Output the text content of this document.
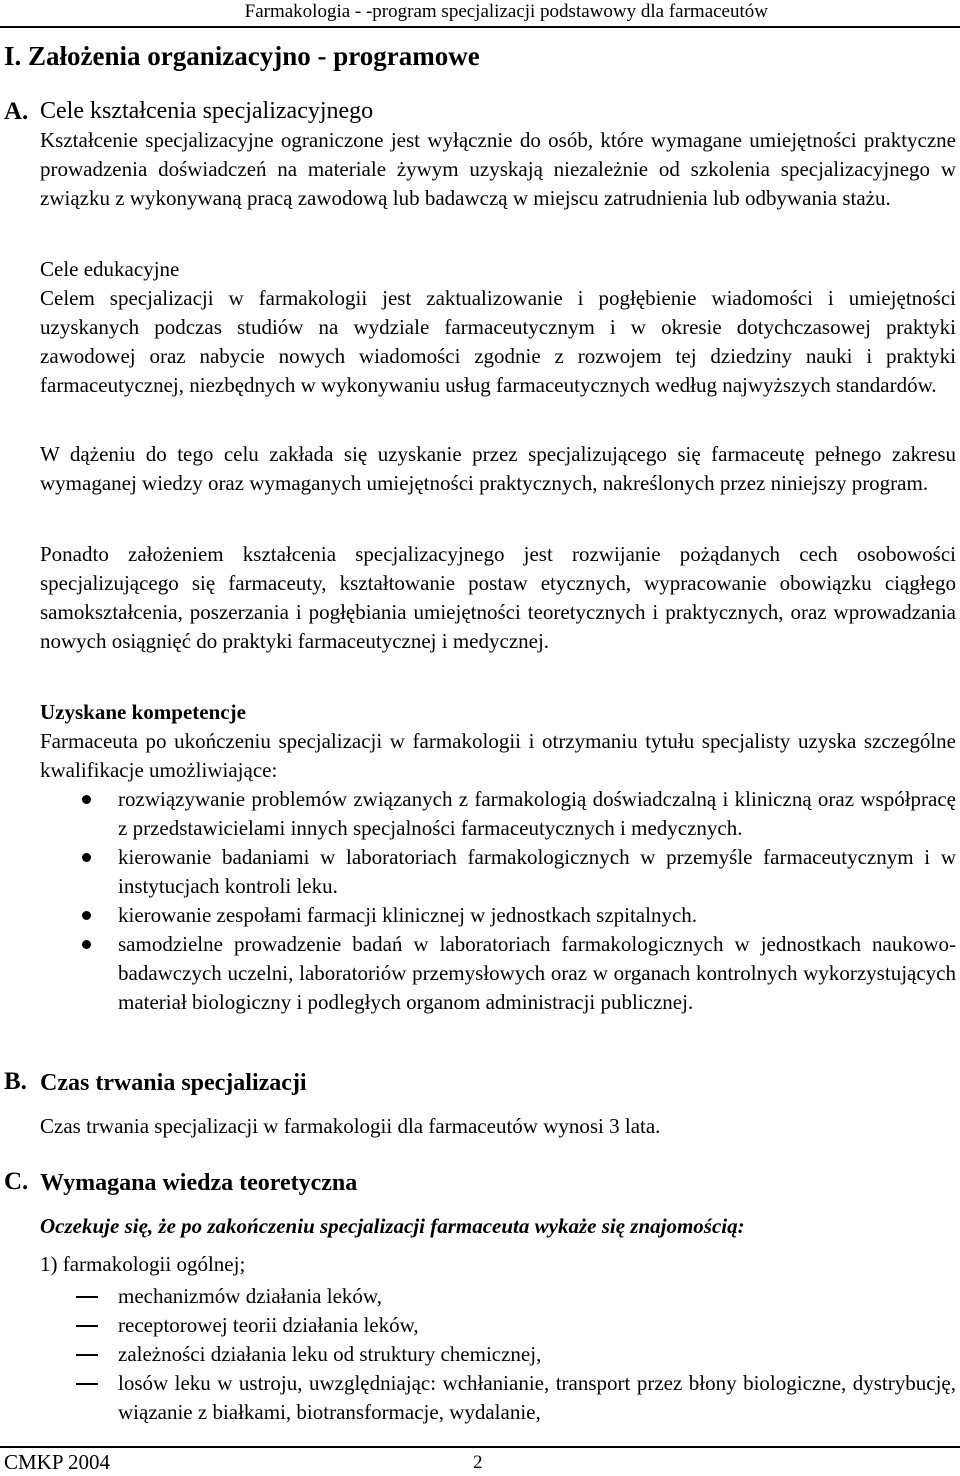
Farmakologia - -program specjalizacji podstawowy dla farmaceutów
I. Założenia organizacyjno - programowe
A. Cele kształcenia specjalizacyjnego

Kształcenie specjalizacyjne ograniczone jest wyłącznie do osób, które wymagane umiejętności praktyczne prowadzenia doświadczeń na materiale żywym uzyskają niezależnie od szkolenia specjalizacyjnego w związku z wykonywaną pracą zawodową lub badawczą w miejscu zatrudnienia lub odbywania stażu.

Cele edukacyjne

Celem specjalizacji w farmakologii jest zaktualizowanie i pogłębienie wiadomości i umiejętności uzyskanych podczas studiów na wydziale farmaceutycznym i w okresie dotychczasowej praktyki zawodowej oraz nabycie nowych wiadomości zgodnie z rozwojem tej dziedziny nauki i praktyki farmaceutycznej, niezbędnych w wykonywaniu usług farmaceutycznych według najwyższych standardów.

W dążeniu do tego celu zakłada się uzyskanie przez specjalizującego się farmaceutę pełnego zakresu wymaganej wiedzy oraz wymaganych umiejętności praktycznych, nakreślonych przez niniejszy program.

Ponadto założeniem kształcenia specjalizacyjnego jest rozwijanie pożądanych cech osobowości specjalizującego się farmaceuty, kształtowanie postaw etycznych, wypracowanie obowiązku ciągłego samokształcenia, poszerzania i pogłębiania umiejętności teoretycznych i praktycznych, oraz wprowadzania nowych osiągnięć do praktyki farmaceutycznej i medycznej.

Uzyskane kompetencje

Farmaceuta po ukończeniu specjalizacji w farmakologii i otrzymaniu tytułu specjalisty uzyska szczególne kwalifikacje umożliwiające:

rozwiązywanie problemów związanych z farmakologią doświadczalną i kliniczną oraz współpracę z przedstawicielami innych specjalności farmaceutycznych i medycznych.
kierowanie badaniami w laboratoriach farmakologicznych w przemyśle farmaceutycznym i w instytucjach kontroli leku.
kierowanie zespołami farmacji klinicznej w jednostkach szpitalnych.
samodzielne prowadzenie badań w laboratoriach farmakologicznych w jednostkach naukowo-badawczych uczelni, laboratoriów przemysłowych oraz w organach kontrolnych wykorzystujących materiał biologiczny i podległych organom administracji publicznej.
B. Czas trwania specjalizacji

Czas trwania specjalizacji w farmakologii dla farmaceutów wynosi 3 lata.

C. Wymagana wiedza teoretyczna
Oczekuje się, że po zakończeniu specjalizacji farmaceuta wykaże się znajomością:
1) farmakologii ogólnej;
mechanizmów działania leków,
receptorowej teorii działania leków,
zależności działania leku od struktury chemicznej,
losów leku w ustroju, uwzględniając: wchłanianie, transport przez błony biologiczne, dystrybucję, wiązanie z białkami, biotransformacje, wydalanie,
CMKP 2004	2
